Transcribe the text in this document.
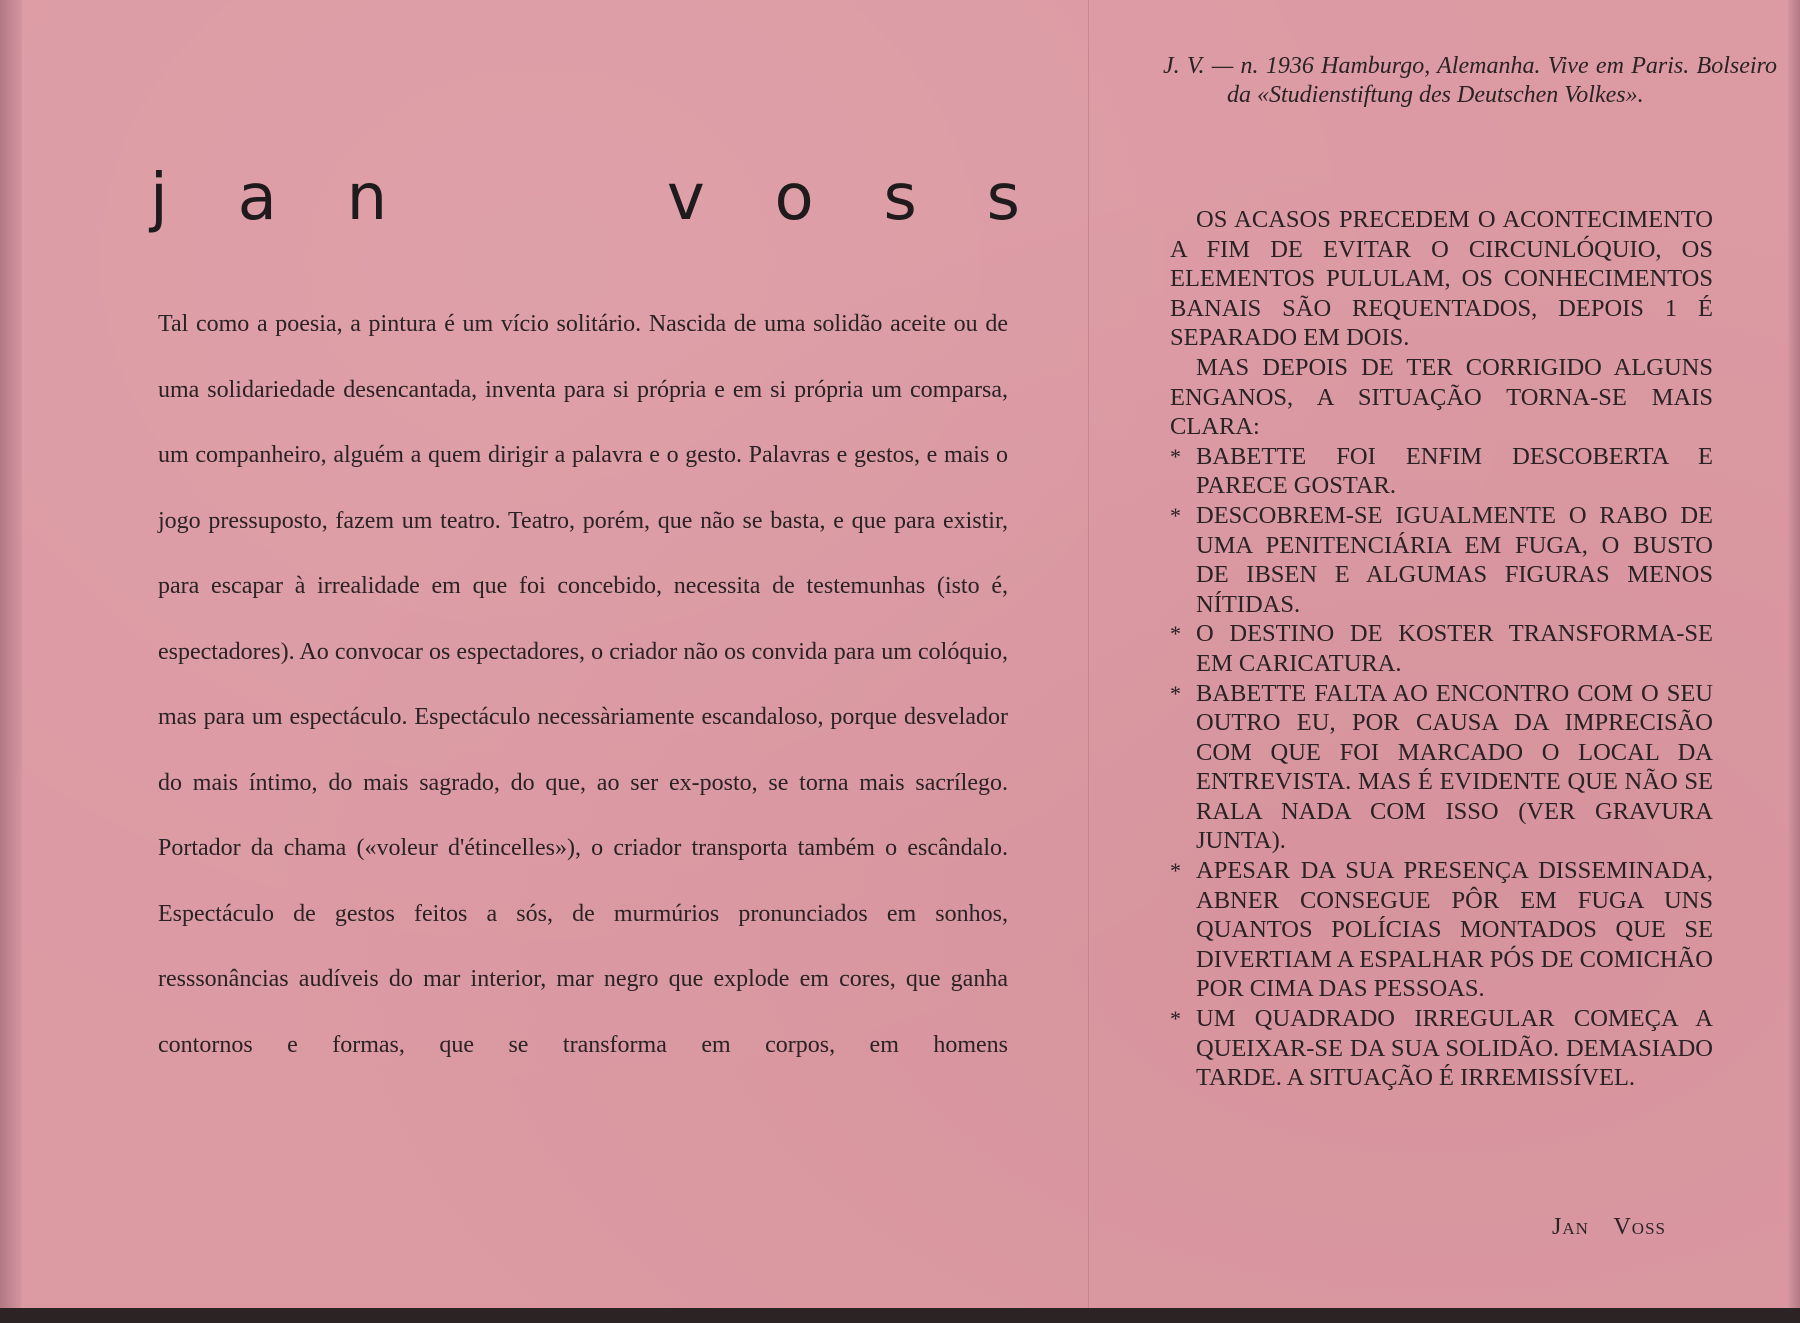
j a n	v o s s

Tal como a poesia, a pintura é um vício solitário. Nascida de uma solidão aceite ou de uma solidariedade desencantada, inventa para si própria e em si própria um comparsa, um companheiro, alguém a quem dirigir a palavra e o gesto. Palavras e gestos, e mais o jogo pressuposto, fazem um teatro. Teatro, porém, que não se basta, e que para existir, para escapar à irrealidade em que foi concebido, necessita de testemunhas (isto é, espectadores). Ao convocar os espectadores, o criador não os convida para um colóquio, mas para um espectáculo. Espectáculo necessàriamente escandaloso, porque desvelador do mais íntimo, do mais sagrado, do que, ao ser ex-posto, se torna mais sacrílego. Portador da chama («voleur d'étincelles»), o criador transporta também o escândalo. Espectáculo de gestos feitos a sós, de murmúrios pronunciados em sonhos, resssonâncias audíveis do mar interior, mar negro que explode em cores, que ganha contornos e formas, que se transforma em corpos, em homens

J. V. — n. 1936 Hamburgo, Alemanha. Vive em Paris. Bolseiro da «Studienstiftung des Deutschen Volkes».

OS ACASOS PRECEDEM O ACONTECIMENTO A FIM DE EVITAR O CIRCUNLÓQUIO, OS ELEMENTOS PULULAM, OS CONHECIMENTOS BANAIS SÃO REQUENTADOS, DEPOIS 1 É SEPARADO EM DOIS.

MAS DEPOIS DE TER CORRIGIDO ALGUNS ENGANOS, A SITUAÇÃO TORNA-SE MAIS CLARA:

* BABETTE FOI ENFIM DESCOBERTA E PARECE GOSTAR.
* DESCOBREM-SE IGUALMENTE O RABO DE UMA PENITENCIÁRIA EM FUGA, O BUSTO DE IBSEN E ALGUMAS FIGURAS MENOS NÍTIDAS.
* O DESTINO DE KOSTER TRANSFORMA-SE EM CARICATURA.
* BABETTE FALTA AO ENCONTRO COM O SEU OUTRO EU, POR CAUSA DA IMPRECISÃO COM QUE FOI MARCADO O LOCAL DA ENTREVISTA. MAS É EVIDENTE QUE NÃO SE RALA NADA COM ISSO (VER GRAVURA JUNTA).
* APESAR DA SUA PRESENÇA DISSEMINADA, ABNER CONSEGUE PÔR EM FUGA UNS QUANTOS POLÍCIAS MONTADOS QUE SE DIVERTIAM A ESPALHAR PÓS DE COMICHÃO POR CIMA DAS PESSOAS.
* UM QUADRADO IRREGULAR COMEÇA A QUEIXAR-SE DA SUA SOLIDÃO. DEMASIADO TARDE. A SITUAÇÃO É IRREMISSÍVEL.
Jan Voss
